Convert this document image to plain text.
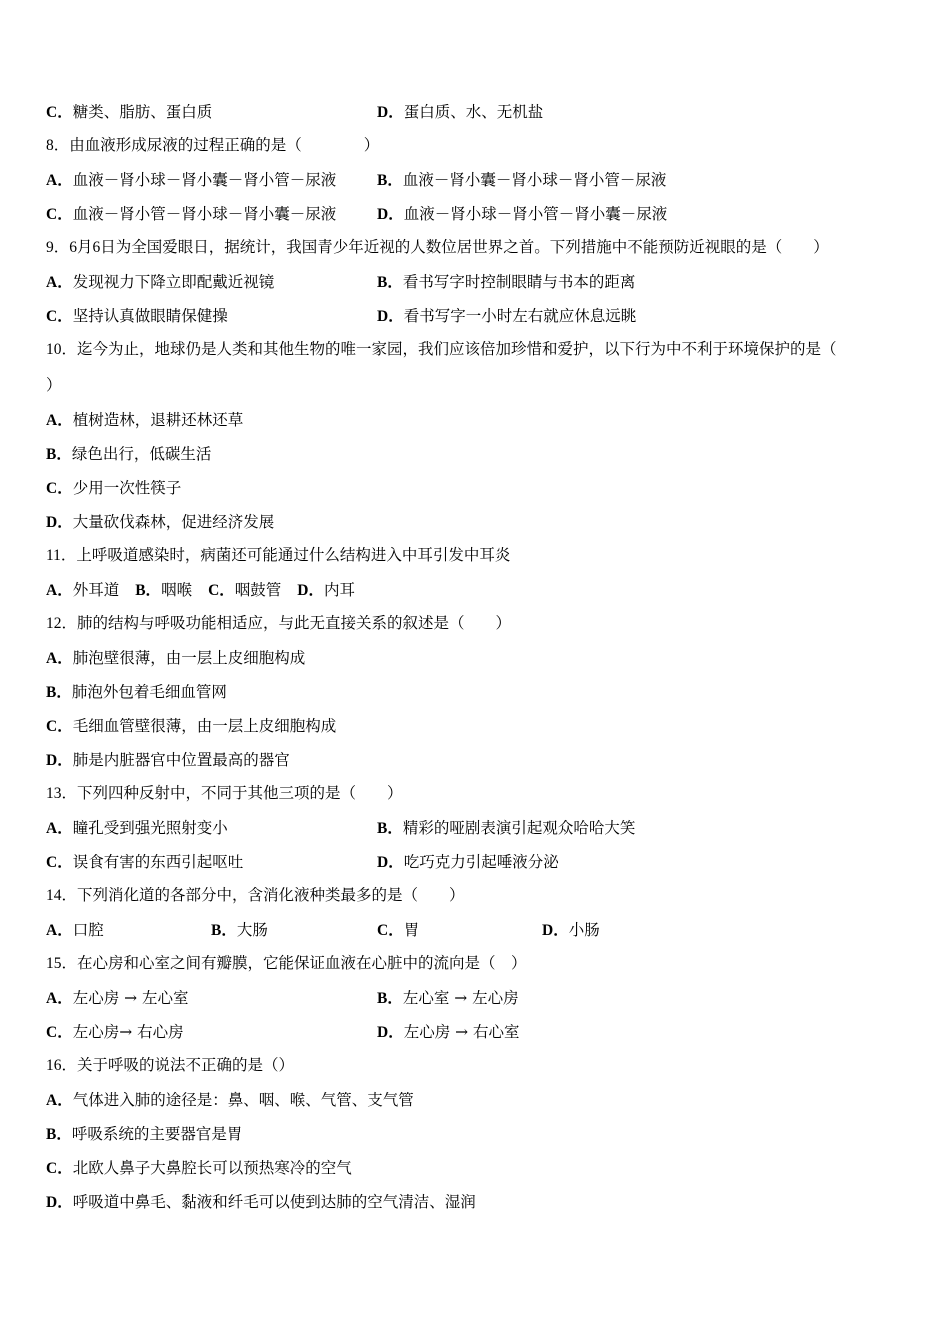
C．糖类、脂肪、蛋白质	D．蛋白质、水、无机盐
8．由血液形成尿液的过程正确的是（　　　　）
A．血液－肾小球－肾小囊－肾小管－尿液	B．血液－肾小囊－肾小球－肾小管－尿液
C．血液－肾小管－肾小球－肾小囊－尿液	D．血液－肾小球－肾小管－肾小囊－尿液
9．6月6日为全国爱眼日，据统计，我国青少年近视的人数位居世界之首。下列措施中不能预防近视眼的是（　　）
A．发现视力下降立即配戴近视镜	B．看书写字时控制眼睛与书本的距离
C．坚持认真做眼睛保健操	D．看书写字一小时左右就应休息远眺
10．迄今为止，地球仍是人类和其他生物的唯一家园，我们应该倍加珍惜和爱护，以下行为中不利于环境保护的是（
）
A．植树造林，退耕还林还草
B．绿色出行，低碳生活
C．少用一次性筷子
D．大量砍伐森林，促进经济发展
11．上呼吸道感染时，病菌还可能通过什么结构进入中耳引发中耳炎
A．外耳道 B．咽喉 C．咽鼓管 D．内耳
12．肺的结构与呼吸功能相适应，与此无直接关系的叙述是（　　）
A．肺泡壁很薄，由一层上皮细胞构成
B．肺泡外包着毛细血管网
C．毛细血管壁很薄，由一层上皮细胞构成
D．肺是内脏器官中位置最高的器官
13．下列四种反射中，不同于其他三项的是（　　）
A．瞳孔受到强光照射变小	B．精彩的哑剧表演引起观众哈哈大笑
C．误食有害的东西引起呕吐	D．吃巧克力引起唾液分泌
14．下列消化道的各部分中，含消化液种类最多的是（　　）
A．口腔	B．大肠	C．胃	D．小肠
15．在心房和心室之间有瓣膜，它能保证血液在心脏中的流向是（　）
A．左心房 → 左心室	B．左心室 → 左心房
C．左心房→ 右心房	D．左心房 → 右心室
16．关于呼吸的说法不正确的是（）
A．气体进入肺的途径是：鼻、咽、喉、气管、支气管
B．呼吸系统的主要器官是胃
C．北欧人鼻子大鼻腔长可以预热寒冷的空气
D．呼吸道中鼻毛、黏液和纤毛可以使到达肺的空气清洁、湿润
